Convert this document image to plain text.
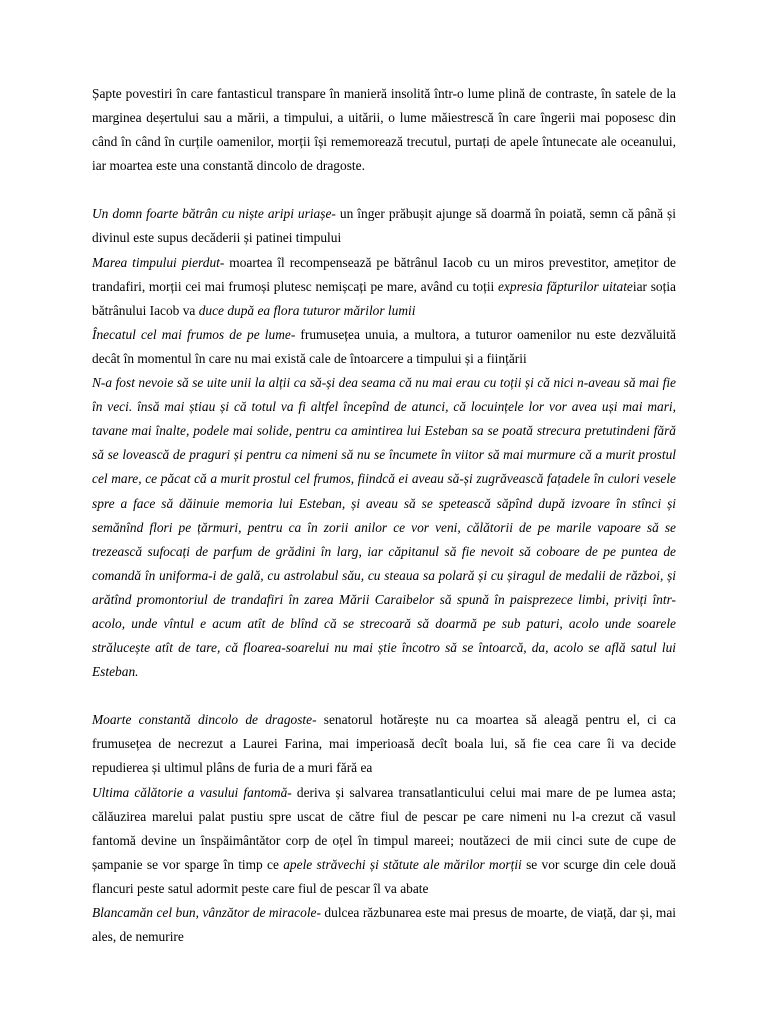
Șapte povestiri în care fantasticul transpare în manieră insolită într-o lume plină de contraste, în satele de la marginea deșertului sau a mării, a timpului, a uitării, o lume măiestrescă în care îngerii mai poposesc din când în când în curțile oamenilor, morții își rememorează trecutul, purtați de apele întunecate ale oceanului, iar moartea este una constantă dincolo de dragoste.

Un domn foarte bătrân cu niște aripi uriașe- un înger prăbușit ajunge să doarmă în poiată, semn că până și divinul este supus decăderii și patinei timpului

Marea timpului pierdut- moartea îl recompensează pe bătrânul Iacob cu un miros prevestitor, amețitor de trandafiri, morții cei mai frumoși plutesc nemișcați pe mare, având cu toții expresia făpturilor uitateiar soția bătrânului Iacob va duce după ea flora tuturor mărilor lumii

Înecatul cel mai frumos de pe lume- frumusețea unuia, a multora, a tuturor oamenilor nu este dezvăluită decât în momentul în care nu mai există cale de întoarcere a timpului și a ființării

N-a fost nevoie să se uite unii la alții ca să-și dea seama că nu mai erau cu toții și că nici n-aveau să mai fie în veci. însă mai știau și că totul va fi altfel începînd de atunci, că locuințele lor vor avea uși mai mari, tavane mai înalte, podele mai solide, pentru ca amintirea lui Esteban sa se poată strecura pretutindeni fără să se lovească de praguri și pentru ca nimeni să nu se încumete în viitor să mai murmure că a murit prostul cel mare, ce păcat că a murit prostul cel frumos, fiindcă ei aveau să-și zugrăvească fațadele în culori vesele spre a face să dăinuie memoria lui Esteban, și aveau să se spetească săpînd după izvoare în stînci și semănînd flori pe țărmuri, pentru ca în zorii anilor ce vor veni, călătorii de pe marile vapoare să se trezească sufocați de parfum de grădini în larg, iar căpitanul să fie nevoit să coboare de pe puntea de comandă în uniforma-i de gală, cu astrolabul său, cu steaua sa polară și cu șiragul de medalii de război, și arătînd promontoriul de trandafiri în zarea Mării Caraibelor să spună în paisprezece limbi, priviți într-acolo, unde vîntul e acum atît de blînd că se strecoară să doarmă pe sub paturi, acolo unde soarele strălucește atît de tare, că floarea-soarelui nu mai știe încotro să se întoarcă, da, acolo se află satul lui Esteban.

Moarte constantă dincolo de dragoste- senatorul hotărește nu ca moartea să aleagă pentru el, ci ca frumusețea de necrezut a Laurei Farina, mai imperioasă decît boala lui, să fie cea care îi va decide repudierea și ultimul plâns de furia de a muri fără ea

Ultima călătorie a vasului fantomă- deriva și salvarea transatlanticului celui mai mare de pe lumea asta; călăuzirea marelui palat pustiu spre uscat de către fiul de pescar pe care nimeni nu l-a crezut că vasul fantomă devine un înspăimântător corp de oțel în timpul mareei; noutăzeci de mii cinci sute de cupe de șampanie se vor sparge în timp ce apele străvechi și stătute ale mărilor morții se vor scurge din cele două flancuri peste satul adormit peste care fiul de pescar îl va abate

Blancamăn cel bun, vânzător de miracole- dulcea răzbunarea este mai presus de moarte, de viață, dar și, mai ales, de nemurire
